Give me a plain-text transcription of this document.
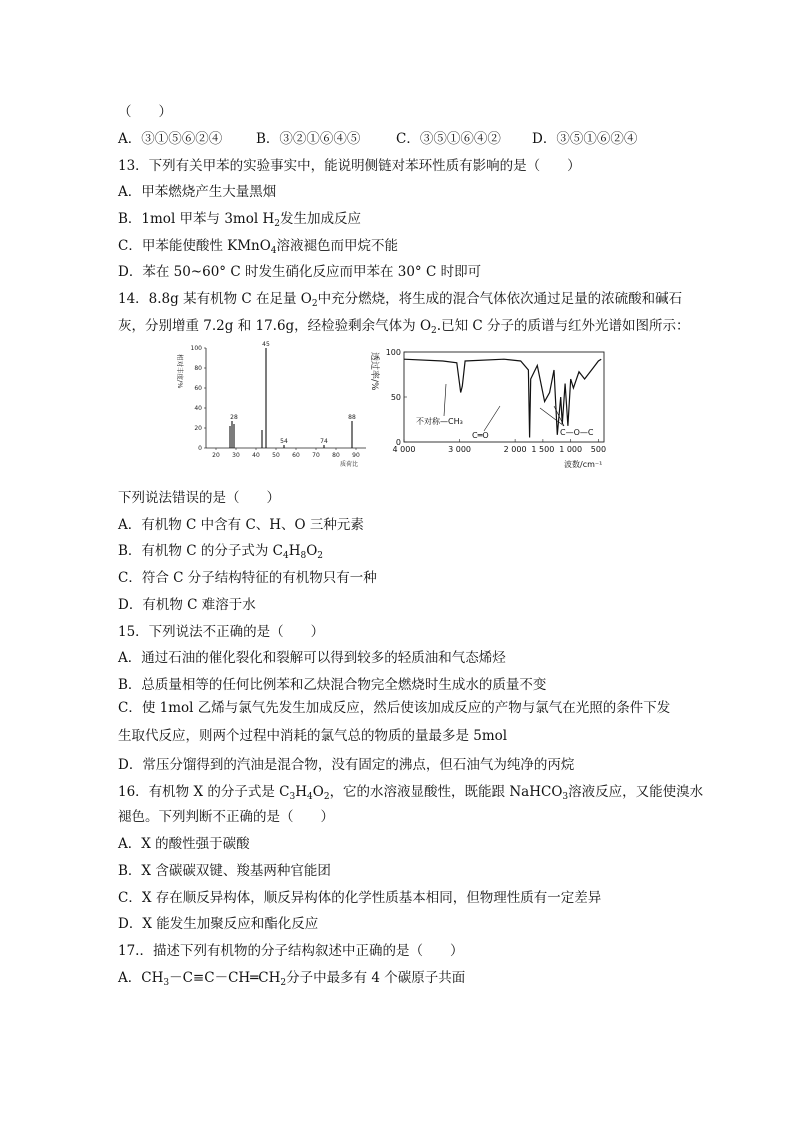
（　　）
A．③①⑤⑥②④	B．③②①⑥④⑤	C．③⑤①⑥④② D．③⑤①⑥②④
13．下列有关甲苯的实验事实中，能说明侧链对苯环性质有影响的是（　　）
A．甲苯燃烧产生大量黑烟
B．1mol 甲苯与 3mol $H_2$发生加成反应
C．甲苯能使酸性 KMnO$_4$溶液褪色而甲烷不能
D．苯在 50~60° C 时发生硝化反应而甲苯在 30° C 时即可
14．8.8g 某有机物 C 在足量 $O_2$中充分燃烧，将生成的混合气体依次通过足量的浓硫酸和碱石
灰，分别增重 7.2g 和 17.6g，经检验剩余气体为 $O_2$.已知 C 分子的质谱与红外光谱如图所示：
相对丰度/%
100
80
60
40
20
0
20 30 40 50 60 70 80 90
28
45
54	74
88
质荷比
透过率/% 100
50
0
4 000	3 000	2 000 1 500 1 000 500
不对称—CH₃
C═O	C—O—C
波数/cm⁻¹
下列说法错误的是（　　）
A．有机物 C 中含有 C、H、O 三种元素
B．有机物 C 的分子式为 $C_4H_8O_2$
C．符合 C 分子结构特征的有机物只有一种
D．有机物 C 难溶于水
15．下列说法不正确的是（　　）
A．通过石油的催化裂化和裂解可以得到较多的轻质油和气态烯烃
B．总质量相等的任何比例苯和乙炔混合物完全燃烧时生成水的质量不变
C．使 1mol 乙烯与氯气先发生加成反应，然后使该加成反应的产物与氯气在光照的条件下发
生取代反应，则两个过程中消耗的氯气总的物质的量最多是 5mol
D．常压分馏得到的汽油是混合物，没有固定的沸点，但石油气为纯净的丙烷
16．有机物 X 的分子式是 $C_3H_4O_2$，它的水溶液显酸性，既能跟 NaHCO$_3$溶液反应，又能使溴水
褪色。下列判断不正确的是（　　）
A．X 的酸性强于碳酸
B．X 含碳碳双键、羧基两种官能团
C．X 存在顺反异构体，顺反异构体的化学性质基本相同，但物理性质有一定差异
D．X 能发生加聚反应和酯化反应
17.．描述下列有机物的分子结构叙述中正确的是（　　）
A．$CH_3-C\equiv C-CH═CH_2$分子中最多有 4 个碳原子共面
